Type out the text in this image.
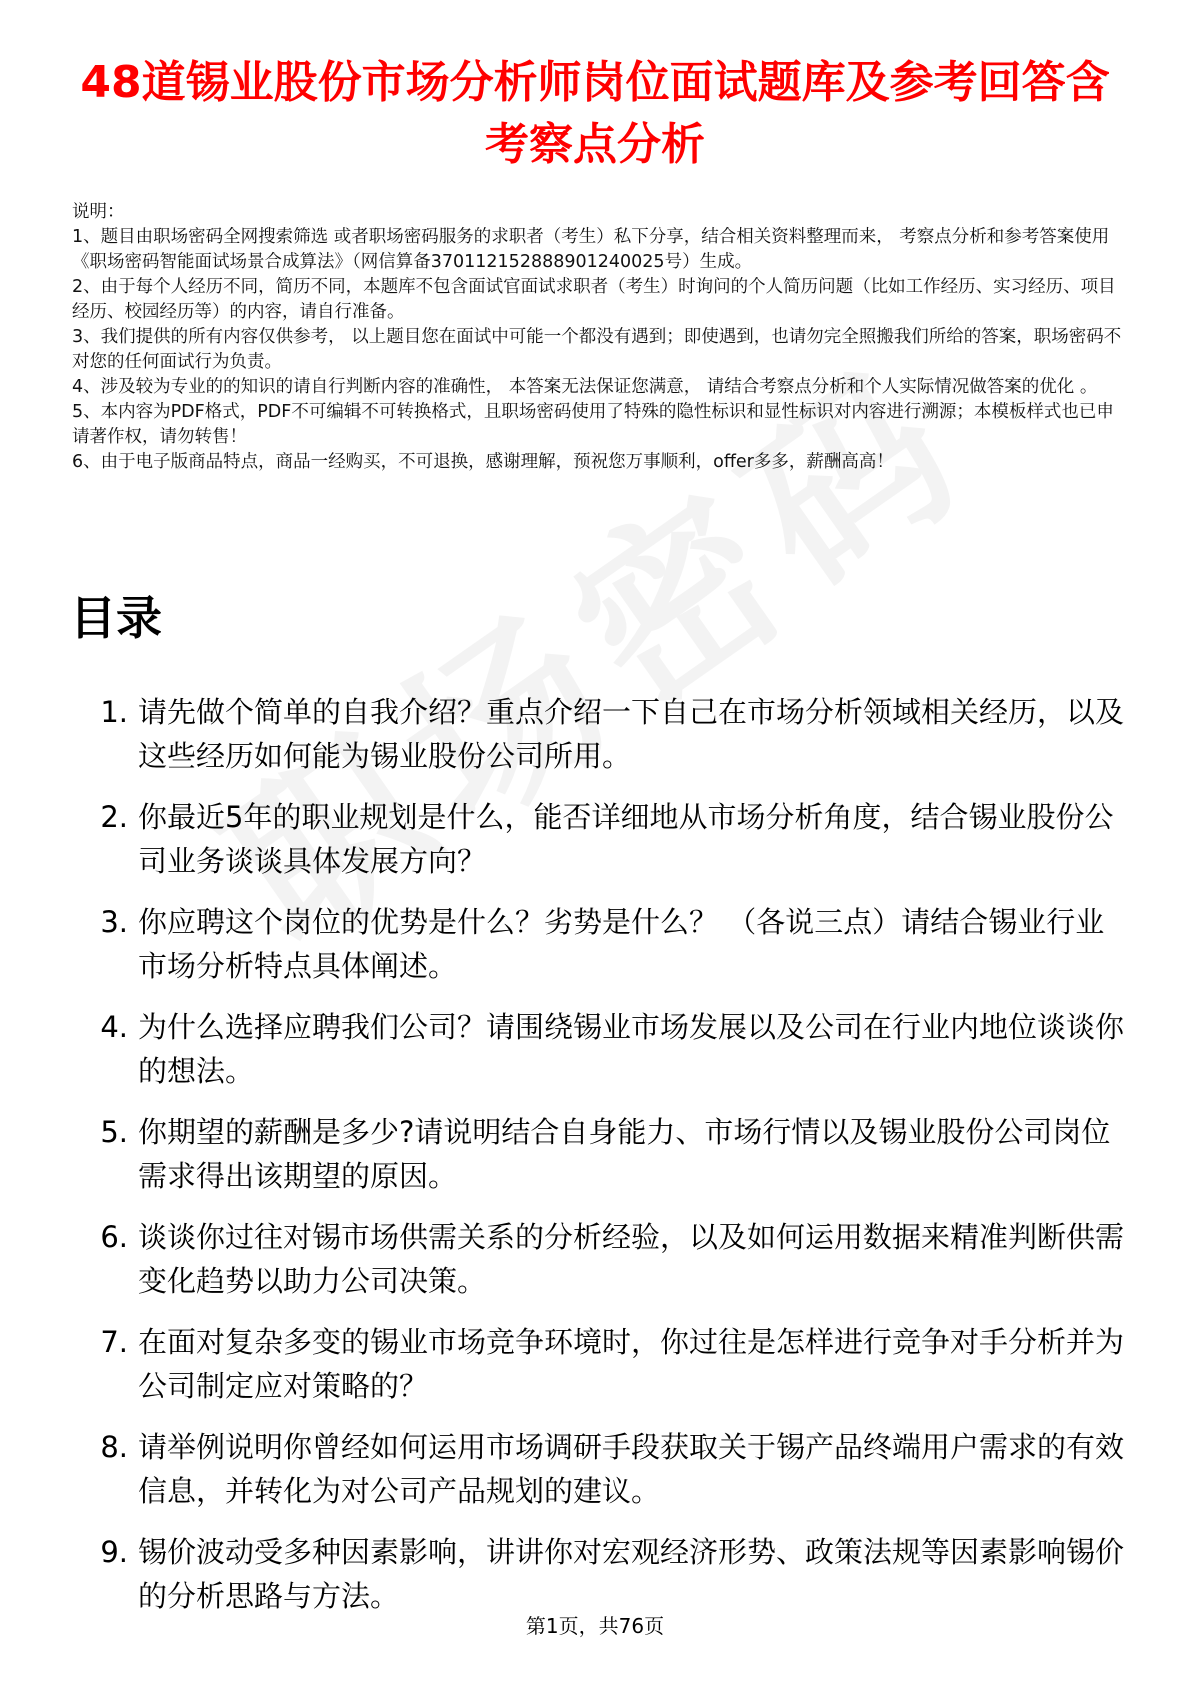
48道锡业股份市场分析师岗位面试题库及参考回答含考察点分析

说明：

1、题目由职场密码全网搜索筛选 或者职场密码服务的求职者（考生）私下分享，结合相关资料整理而来， 考察点分析和参考答案使用《职场密码智能面试场景合成算法》（网信算备370112152888901240025号）生成。

2、由于每个人经历不同，简历不同，本题库不包含面试官面试求职者（考生）时询问的个人简历问题（比如工作经历、实习经历、项目经历、校园经历等）的内容，请自行准备。

3、我们提供的所有内容仅供参考， 以上题目您在面试中可能一个都没有遇到；即使遇到，也请勿完全照搬我们所给的答案，职场密码不对您的任何面试行为负责。

4、涉及较为专业的的知识的请自行判断内容的准确性， 本答案无法保证您满意， 请结合考察点分析和个人实际情况做答案的优化 。

5、本内容为PDF格式，PDF不可编辑不可转换格式，且职场密码使用了特殊的隐性标识和显性标识对内容进行溯源；本模板样式也已申请著作权，请勿转售！

6、由于电子版商品特点，商品一经购买，不可退换，感谢理解，预祝您万事顺利，offer多多，薪酬高高！

目录
1. 请先做个简单的自我介绍？重点介绍一下自己在市场分析领域相关经历，以及这些经历如何能为锡业股份公司所用。
2. 你最近5年的职业规划是什么，能否详细地从市场分析角度，结合锡业股份公司业务谈谈具体发展方向？
3. 你应聘这个岗位的优势是什么？劣势是什么？ （各说三点）请结合锡业行业市场分析特点具体阐述。
4. 为什么选择应聘我们公司？请围绕锡业市场发展以及公司在行业内地位谈谈你的想法。
5. 你期望的薪酬是多少?请说明结合自身能力、市场行情以及锡业股份公司岗位需求得出该期望的原因。
6. 谈谈你过往对锡市场供需关系的分析经验，以及如何运用数据来精准判断供需变化趋势以助力公司决策。
7. 在面对复杂多变的锡业市场竞争环境时，你过往是怎样进行竞争对手分析并为公司制定应对策略的？
8. 请举例说明你曾经如何运用市场调研手段获取关于锡产品终端用户需求的有效信息，并转化为对公司产品规划的建议。
9. 锡价波动受多种因素影响，讲讲你对宏观经济形势、政策法规等因素影响锡价的分析思路与方法。
第1页，共76页
